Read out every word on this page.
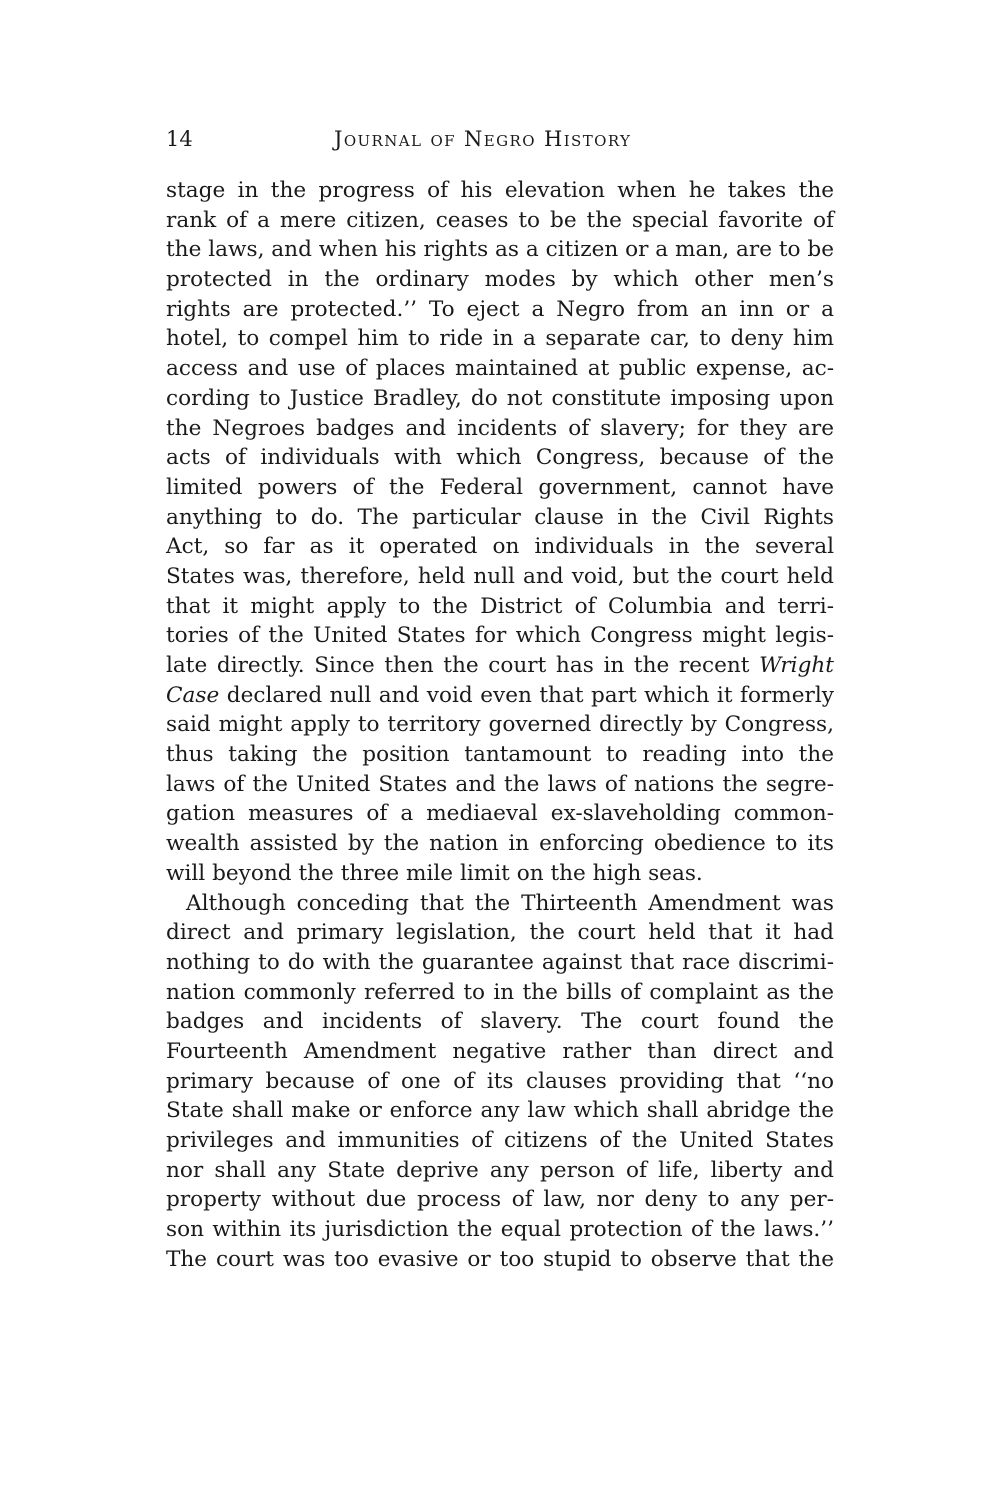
14	Journal of Negro History
stage in the progress of his elevation when he takes the
rank of a mere citizen, ceases to be the special favorite of
the laws, and when his rights as a citizen or a man, are to be
protected in the ordinary modes by which other men’s
rights are protected.’’ To eject a Negro from an inn or a
hotel, to compel him to ride in a separate car, to deny him
access and use of places maintained at public expense, ac-
cording to Justice Bradley, do not constitute imposing upon
the Negroes badges and incidents of slavery; for they are
acts of individuals with which Congress, because of the
limited powers of the Federal government, cannot have
anything to do. The particular clause in the Civil Rights
Act, so far as it operated on individuals in the several
States was, therefore, held null and void, but the court held
that it might apply to the District of Columbia and terri-
tories of the United States for which Congress might legis-
late directly. Since then the court has in the recent Wright
Case declared null and void even that part which it formerly
said might apply to territory governed directly by Congress,
thus taking the position tantamount to reading into the
laws of the United States and the laws of nations the segre-
gation measures of a mediaeval ex-slaveholding common-
wealth assisted by the nation in enforcing obedience to its
will beyond the three mile limit on the high seas.
Although conceding that the Thirteenth Amendment was
direct and primary legislation, the court held that it had
nothing to do with the guarantee against that race discrimi-
nation commonly referred to in the bills of complaint as the
badges and incidents of slavery. The court found the
Fourteenth Amendment negative rather than direct and
primary because of one of its clauses providing that ‘‘no
State shall make or enforce any law which shall abridge the
privileges and immunities of citizens of the United States
nor shall any State deprive any person of life, liberty and
property without due process of law, nor deny to any per-
son within its jurisdiction the equal protection of the laws.’’
The court was too evasive or too stupid to observe that the
